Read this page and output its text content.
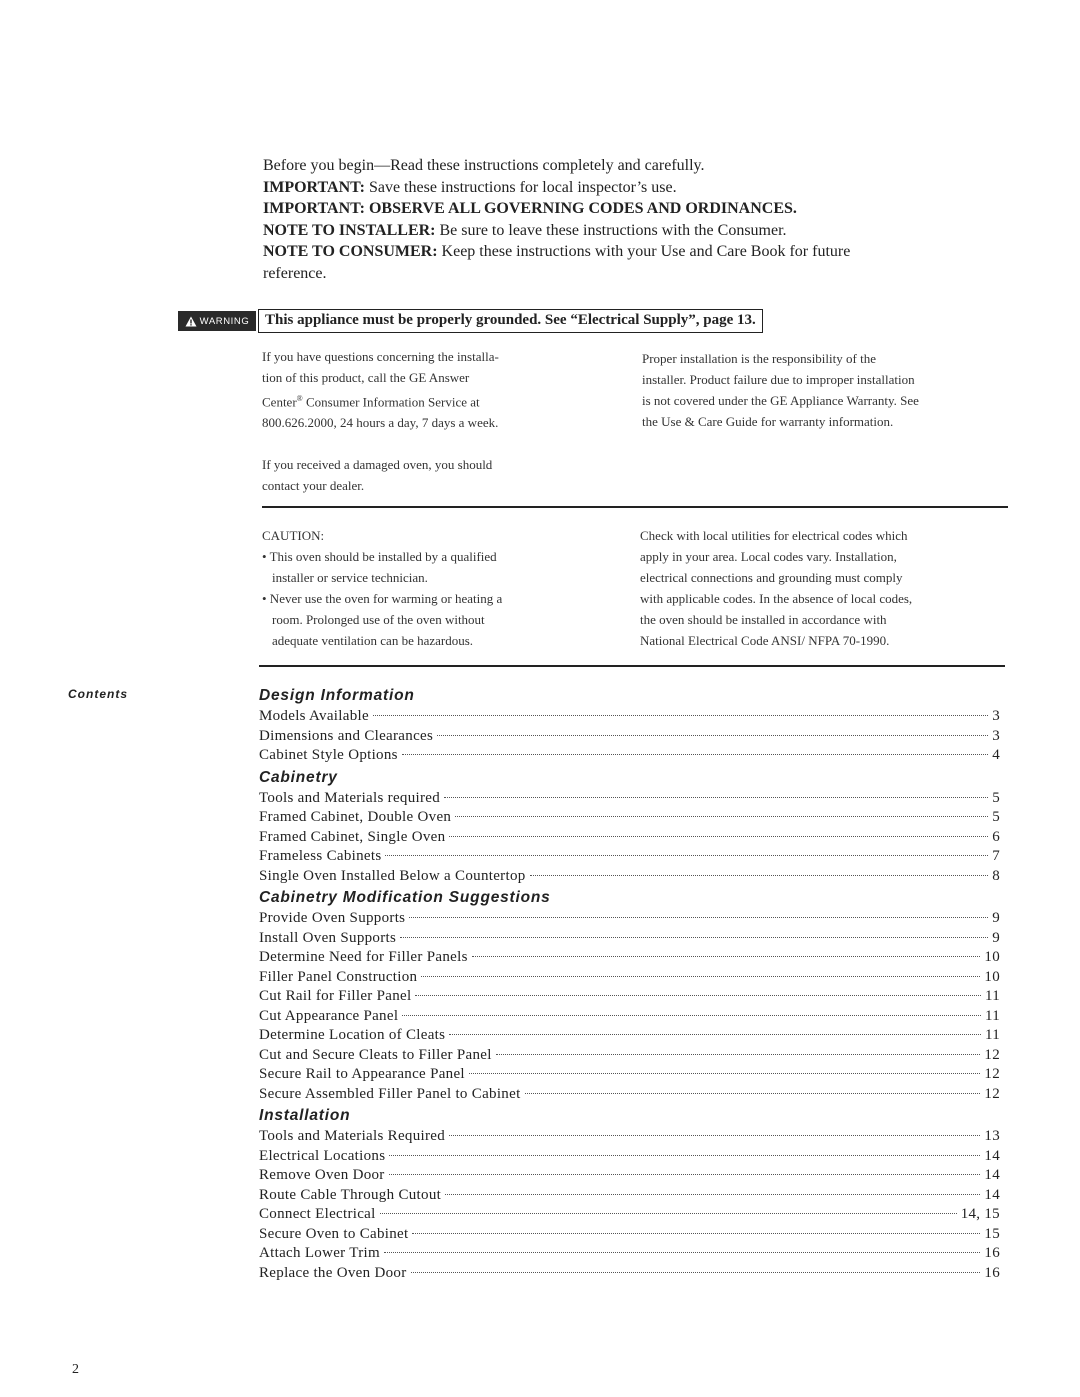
Before you begin—Read these instructions completely and carefully.

IMPORTANT: Save these instructions for local inspector’s use.

IMPORTANT: OBSERVE ALL GOVERNING CODES AND ORDINANCES.

NOTE TO INSTALLER: Be sure to leave these instructions with the Consumer.

NOTE TO CONSUMER: Keep these instructions with your Use and Care Book for future reference.

WARNING	This appliance must be properly grounded. See “Electrical Supply”, page 13.

If you have questions concerning the installa-

tion of this product, call the GE Answer

Center® Consumer Information Service at

800.626.2000, 24 hours a day, 7 days a week.

If you received a damaged oven, you should

contact your dealer.

Proper installation is the responsibility of the

installer. Product failure due to improper installation

is not covered under the GE Appliance Warranty. See

the Use & Care Guide for warranty information.

CAUTION:

• This oven should be installed by a qualified

installer or service technician.

• Never use the oven for warming or heating a

room. Prolonged use of the oven without

adequate ventilation can be hazardous.

Check with local utilities for electrical codes which

apply in your area. Local codes vary. Installation,

electrical connections and grounding must comply

with applicable codes. In the absence of local codes,

the oven should be installed in accordance with

National Electrical Code ANSI/ NFPA 70-1990.

Contents	Design Information
Models Available	3
Dimensions and Clearances	3
Cabinet Style Options	4
Cabinetry
Tools and Materials required	5
Framed Cabinet, Double Oven	5
Framed Cabinet, Single Oven	6
Frameless Cabinets	7
Single Oven Installed Below a Countertop	8
Cabinetry Modification Suggestions
Provide Oven Supports	9
Install Oven Supports	9
Determine Need for Filler Panels	10
Filler Panel Construction	10
Cut Rail for Filler Panel	11
Cut Appearance Panel	11
Determine Location of Cleats	11
Cut and Secure Cleats to Filler Panel	12
Secure Rail to Appearance Panel	12
Secure Assembled Filler Panel to Cabinet	12
Installation
Tools and Materials Required	13
Electrical Locations	14
Remove Oven Door	14
Route Cable Through Cutout	14
Connect Electrical	14, 15
Secure Oven to Cabinet	15
Attach Lower Trim	16
Replace the Oven Door	16
2
